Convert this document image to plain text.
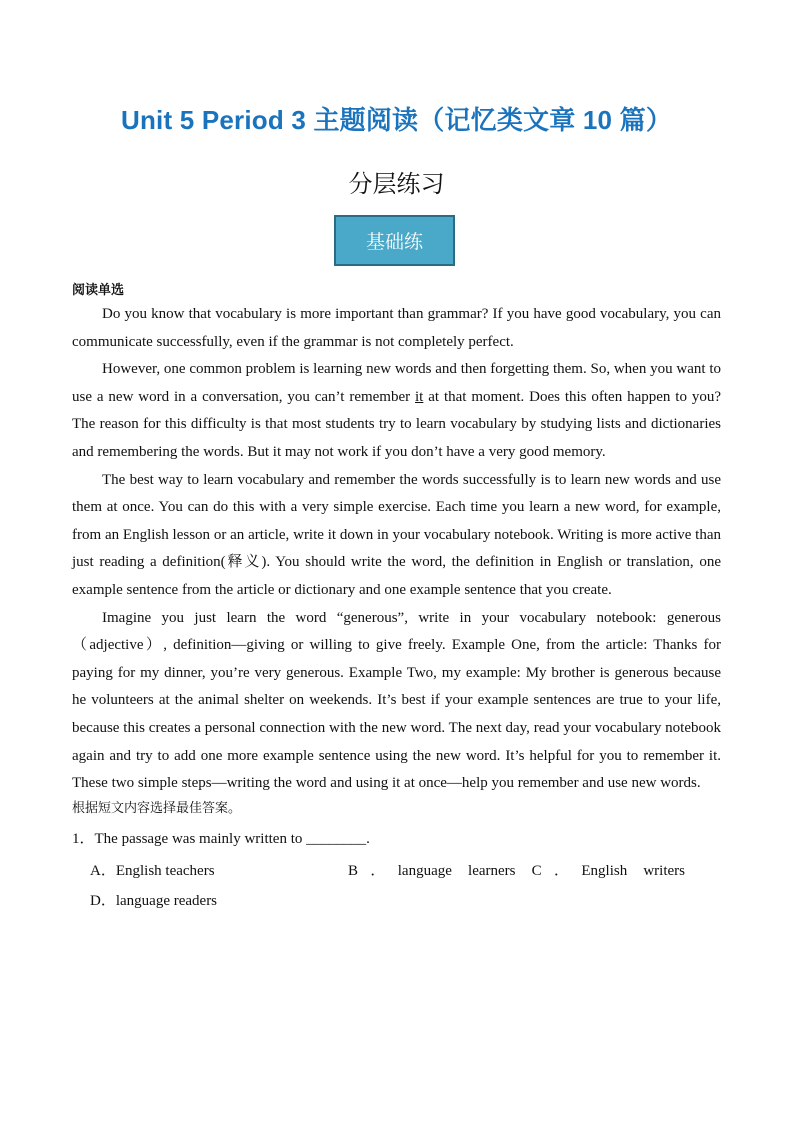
Unit 5 Period 3 主题阅读（记忆类文章 10 篇）
分层练习
基础练

阅读单选

Do you know that vocabulary is more important than grammar? If you have good vocabulary, you can communicate successfully, even if the grammar is not completely perfect.

However, one common problem is learning new words and then forgetting them. So, when you want to use a new word in a conversation, you can’t remember it at that moment. Does this often happen to you? The reason for this difficulty is that most students try to learn vocabulary by studying lists and dictionaries and remembering the words. But it may not work if you don’t have a very good memory.

The best way to learn vocabulary and remember the words successfully is to learn new words and use them at once. You can do this with a very simple exercise. Each time you learn a new word, for example, from an English lesson or an article, write it down in your vocabulary notebook. Writing is more active than just reading a definition(释义). You should write the word, the definition in English or translation, one example sentence from the article or dictionary and one example sentence that you create.

Imagine you just learn the word “generous”, write in your vocabulary notebook: generous（adjective）, definition—giving or willing to give freely. Example One, from the article: Thanks for paying for my dinner, you’re very generous. Example Two, my example: My brother is generous because he volunteers at the animal shelter on weekends. It’s best if your example sentences are true to your life, because this creates a personal connection with the new word. The next day, read your vocabulary notebook again and try to add one more example sentence using the new word. It’s helpful for you to remember it. These two simple steps—writing the word and using it at once—help you remember and use new words.

根据短文内容选择最佳答案。

1．The passage was mainly written to ________.

A．English teachers	B．language learners C．English writers    D．language readers
